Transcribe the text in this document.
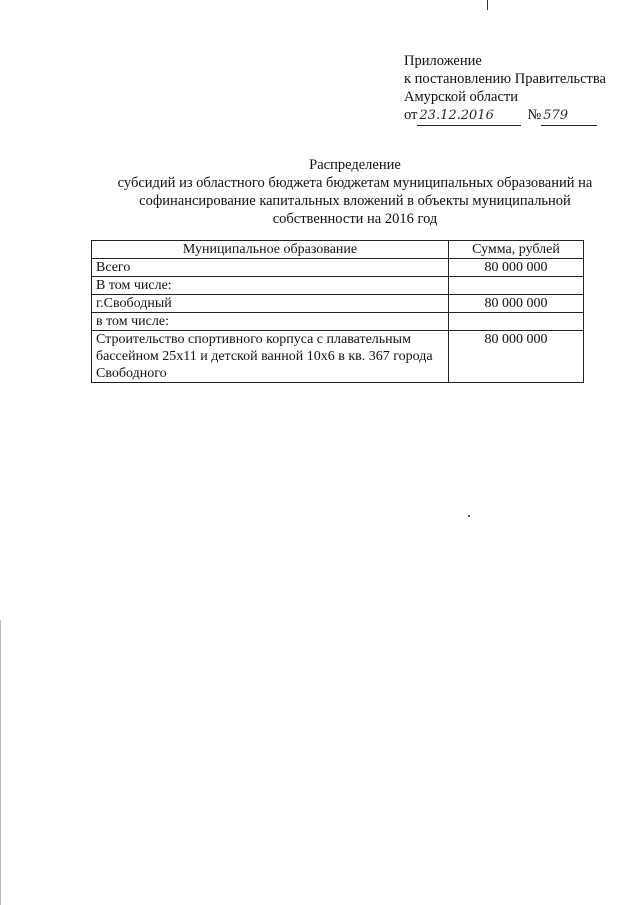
Приложение
к постановлению Правительства
Амурской области
от 23.12.2016	№ 579
Распределение
субсидий из областного бюджета бюджетам муниципальных образований на
софинансирование капитальных вложений в объекты муниципальной
собственности на 2016 год
Муниципальное образование	Сумма, рублей
Всего	80 000 000
В том числе:	
г.Свободный	80 000 000
в том числе:	
Строительство спортивного корпуса с плавательным бассейном 25х11 и детской ванной 10х6 в кв. 367 города Свободного	80 000 000
